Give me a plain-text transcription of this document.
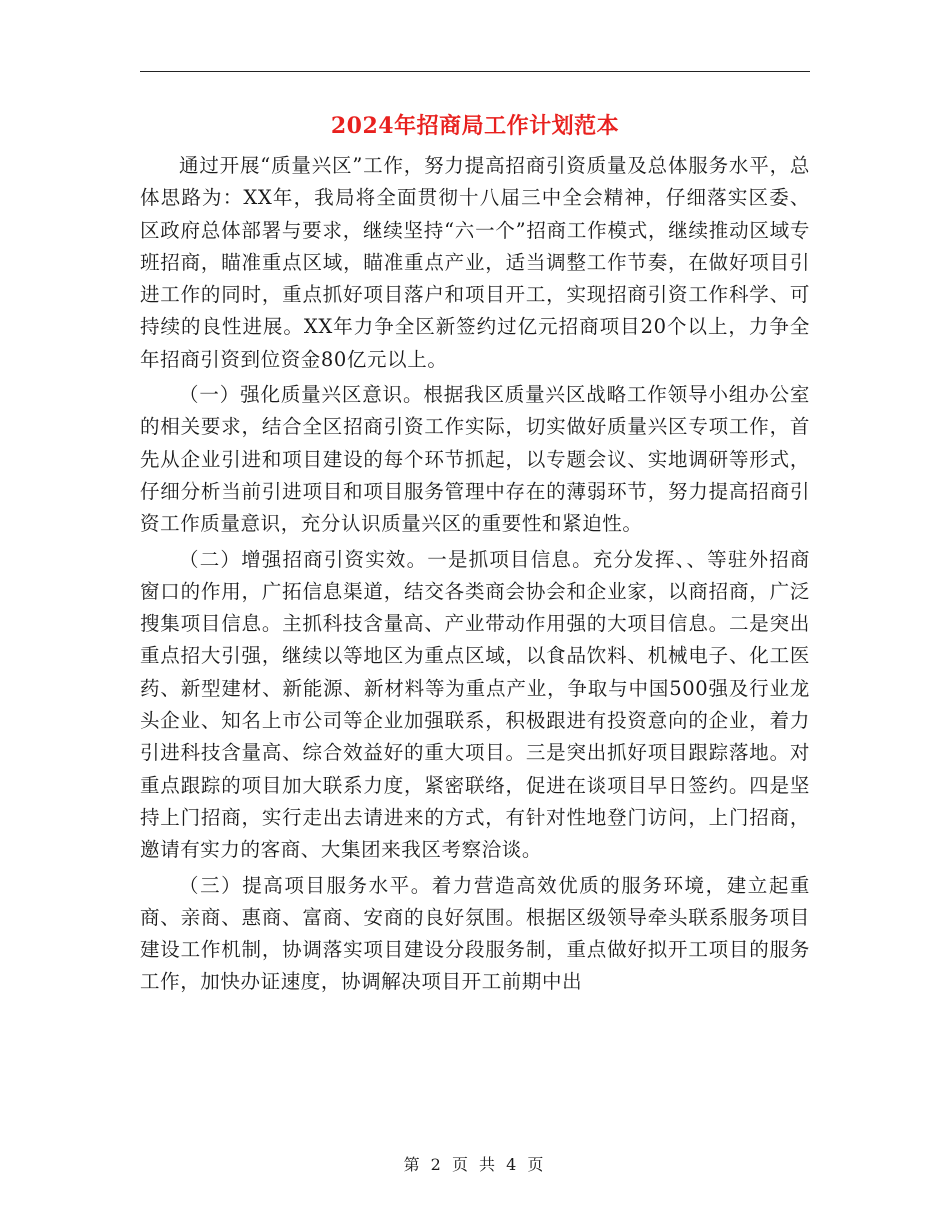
2024年招商局工作计划范本

通过开展“质量兴区”工作，努力提高招商引资质量及总体服务水平，总体思路为：XX年，我局将全面贯彻十八届三中全会精神，仔细落实区委、区政府总体部署与要求，继续坚持“六一个”招商工作模式，继续推动区域专班招商，瞄准重点区域，瞄准重点产业，适当调整工作节奏，在做好项目引进工作的同时，重点抓好项目落户和项目开工，实现招商引资工作科学、可持续的良性进展。XX年力争全区新签约过亿元招商项目20个以上，力争全年招商引资到位资金80亿元以上。

（一）强化质量兴区意识。根据我区质量兴区战略工作领导小组办公室的相关要求，结合全区招商引资工作实际，切实做好质量兴区专项工作，首先从企业引进和项目建设的每个环节抓起，以专题会议、实地调研等形式，仔细分析当前引进项目和项目服务管理中存在的薄弱环节，努力提高招商引资工作质量意识，充分认识质量兴区的重要性和紧迫性。

（二）增强招商引资实效。一是抓项目信息。充分发挥、、等驻外招商窗口的作用，广拓信息渠道，结交各类商会协会和企业家，以商招商，广泛搜集项目信息。主抓科技含量高、产业带动作用强的大项目信息。二是突出重点招大引强，继续以等地区为重点区域，以食品饮料、机械电子、化工医药、新型建材、新能源、新材料等为重点产业，争取与中国500强及行业龙头企业、知名上市公司等企业加强联系，积极跟进有投资意向的企业，着力引进科技含量高、综合效益好的重大项目。三是突出抓好项目跟踪落地。对重点跟踪的项目加大联系力度，紧密联络，促进在谈项目早日签约。四是坚持上门招商，实行走出去请进来的方式，有针对性地登门访问，上门招商，邀请有实力的客商、大集团来我区考察洽谈。

（三）提高项目服务水平。着力营造高效优质的服务环境，建立起重商、亲商、惠商、富商、安商的良好氛围。根据区级领导牵头联系服务项目建设工作机制，协调落实项目建设分段服务制，重点做好拟开工项目的服务工作，加快办证速度，协调解决项目开工前期中出

第 2 页 共 4 页
